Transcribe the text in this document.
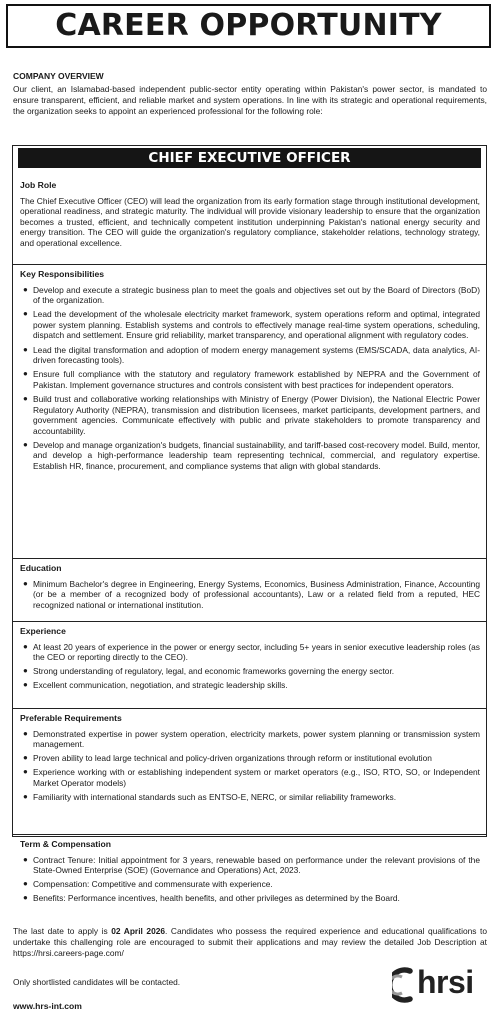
CAREER OPPORTUNITY
COMPANY OVERVIEW
Our client, an Islamabad-based independent public-sector entity operating within Pakistan's power sector, is mandated to ensure transparent, efficient, and reliable market and system operations. In line with its strategic and operational requirements, the organization seeks to appoint an experienced professional for the following role:
CHIEF EXECUTIVE OFFICER
Job Role
The Chief Executive Officer (CEO) will lead the organization from its early formation stage through institutional development, operational readiness, and strategic maturity. The individual will provide visionary leadership to ensure that the organization becomes a trusted, efficient, and technically competent institution underpinning Pakistan's national energy security and energy transition. The CEO will guide the organization's regulatory compliance, stakeholder relations, technology strategy, and operational excellence.
Key Responsibilities
● Develop and execute a strategic business plan to meet the goals and objectives set out by the Board of Directors (BoD) of the organization.
● Lead the development of the wholesale electricity market framework, system operations reform and optimal, integrated power system planning. Establish systems and controls to effectively manage real-time system operations, scheduling, dispatch and settlement. Ensure grid reliability, market transparency, and operational alignment with regulatory codes.
● Lead the digital transformation and adoption of modern energy management systems (EMS/SCADA, data analytics, AI-driven forecasting tools).
● Ensure full compliance with the statutory and regulatory framework established by NEPRA and the Government of Pakistan. Implement governance structures and controls consistent with best practices for independent operators.
● Build trust and collaborative working relationships with Ministry of Energy (Power Division), the National Electric Power Regulatory Authority (NEPRA), transmission and distribution licensees, market participants, development partners, and government agencies. Communicate effectively with public and private stakeholders to promote transparency and accountability.
● Develop and manage organization's budgets, financial sustainability, and tariff-based cost-recovery model. Build, mentor, and develop a high-performance leadership team representing technical, commercial, and regulatory expertise. Establish HR, finance, procurement, and compliance systems that align with global standards.
Education
● Minimum Bachelor's degree in Engineering, Energy Systems, Economics, Business Administration, Finance, Accounting (or be a member of a recognized body of professional accountants), Law or a related field from a reputed, HEC recognized national or international institution.
Experience
● At least 20 years of experience in the power or energy sector, including 5+ years in senior executive leadership roles (as the CEO or reporting directly to the CEO).
● Strong understanding of regulatory, legal, and economic frameworks governing the energy sector.
● Excellent communication, negotiation, and strategic leadership skills.
Preferable Requirements
● Demonstrated expertise in power system operation, electricity markets, power system planning or transmission system management.
● Proven ability to lead large technical and policy-driven organizations through reform or institutional evolution
● Experience working with or establishing independent system or market operators (e.g., ISO, RTO, SO, or Independent Market Operator models)
● Familiarity with international standards such as ENTSO‑E, NERC, or similar reliability frameworks.
Term & Compensation
● Contract Tenure: Initial appointment for 3 years, renewable based on performance under the relevant provisions of the State-Owned Enterprise (SOE) (Governance and Operations) Act, 2023.
● Compensation: Competitive and commensurate with experience.
● Benefits: Performance incentives, health benefits, and other privileges as determined by the Board.
The last date to apply is 02 April 2026. Candidates who possess the required experience and educational qualifications to undertake this challenging role are encouraged to submit their applications and may review the detailed Job Description at https://hrsi.careers-page.com/
Only shortlisted candidates will be contacted.
www.hrs-int.com
hrsi
